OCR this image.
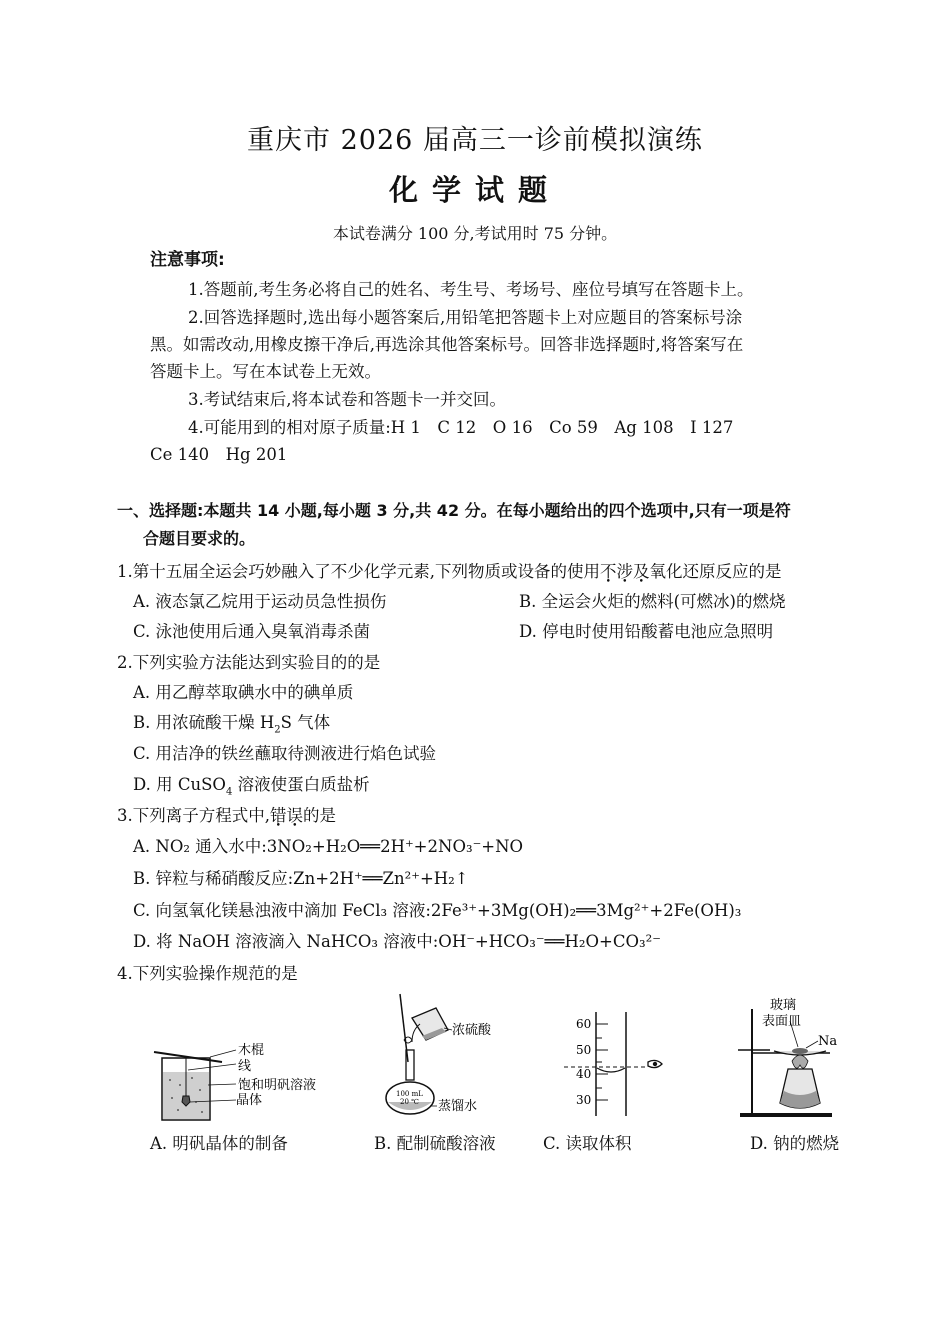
重庆市 2026 届高三一诊前模拟演练
化学试题
本试卷满分 100 分,考试用时 75 分钟。
注意事项:
1.答题前,考生务必将自己的姓名、考生号、考场号、座位号填写在答题卡上。
2.回答选择题时,选出每小题答案后,用铅笔把答题卡上对应题目的答案标号涂
黑。如需改动,用橡皮擦干净后,再选涂其他答案标号。回答非选择题时,将答案写在
答题卡上。写在本试卷上无效。
3.考试结束后,将本试卷和答题卡一并交回。
4.可能用到的相对原子质量:H 1　C 12　O 16　Co 59　Ag 108　I 127
Ce 140　Hg 201
一、选择题:本题共 14 小题,每小题 3 分,共 42 分。在每小题给出的四个选项中,只有一项是符
合题目要求的。
1.第十五届全运会巧妙融入了不少化学元素,下列物质或设备的使用不涉及氧化还原反应的是
A. 液态氯乙烷用于运动员急性损伤	B. 全运会火炬的燃料(可燃冰)的燃烧
C. 泳池使用后通入臭氧消毒杀菌	D. 停电时使用铅酸蓄电池应急照明
2.下列实验方法能达到实验目的的是
A. 用乙醇萃取碘水中的碘单质
B. 用浓硫酸干燥 $H_2S$ 气体
C. 用洁净的铁丝蘸取待测液进行焰色试验
D. 用 CuSO$_4$ 溶液使蛋白质盐析
3.下列离子方程式中,错误的是
A. NO₂ 通入水中:3NO₂+H₂O══2H⁺+2NO₃⁻+NO
B. 锌粒与稀硝酸反应:Zn+2H⁺══Zn²⁺+H₂↑
C. 向氢氧化镁悬浊液中滴加 FeCl₃ 溶液:2Fe³⁺+3Mg(OH)₂══3Mg²⁺+2Fe(OH)₃
D. 将 NaOH 溶液滴入 NaHCO₃ 溶液中:OH⁻+HCO₃⁻══H₂O+CO₃²⁻
4.下列实验操作规范的是
木棍
线
饱和明矾溶液
晶体
A. 明矾晶体的制备
100 mL
20 ℃
浓硫酸
蒸馏水
B. 配制硫酸溶液
60
50
40
30
C. 读取体积
玻璃
表面皿
Na
D. 钠的燃烧
